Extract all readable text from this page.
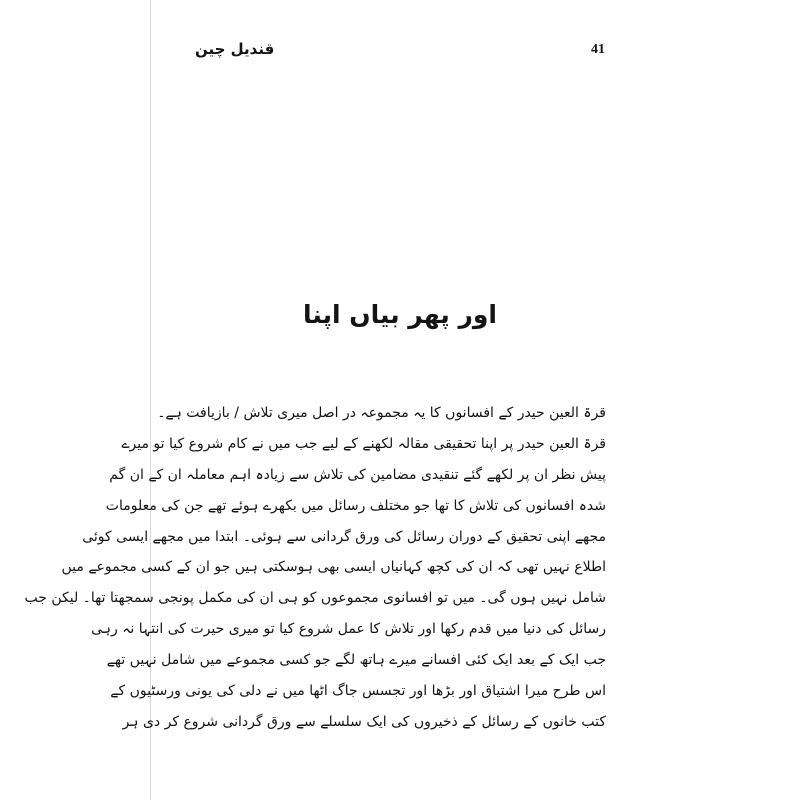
قندیل چین	41
اور پھر بیاں اپنا
قرۃ العین حیدر کے افسانوں کا یہ مجموعہ در اصل میری تلاش / بازیافت ہے۔
قرۃ العین حیدر پر اپنا تحقیقی مقالہ لکھنے کے لیے جب میں نے کام شروع کیا تو میرے
پیش نظر ان پر لکھے گئے تنقیدی مضامین کی تلاش سے زیادہ اہم معاملہ ان کے ان گم
شدہ افسانوں کی تلاش کا تھا جو مختلف رسائل میں بکھرے ہوئے تھے جن کی معلومات
مجھے اپنی تحقیق کے دوران رسائل کی ورق گردانی سے ہوئی۔ ابتدا میں مجھے ایسی کوئی
اطلاع نہیں تھی کہ ان کی کچھ کہانیاں ایسی بھی ہوسکتی ہیں جو ان کے کسی مجموعے میں
شامل نہیں ہوں گی۔ میں تو افسانوی مجموعوں کو ہی ان کی مکمل پونجی سمجھتا تھا۔ لیکن جب
رسائل کی دنیا میں قدم رکھا اور تلاش کا عمل شروع کیا تو میری حیرت کی انتہا نہ رہی
جب ایک کے بعد ایک کئی افسانے میرے ہاتھ لگے جو کسی مجموعے میں شامل نہیں تھے
اس طرح میرا اشتیاق اور بڑھا اور تجسس جاگ اٹھا میں نے دلی کی یونی ورسٹیوں کے
کتب خانوں کے رسائل کے ذخیروں کی ایک سلسلے سے ورق گردانی شروع کر دی ہر
